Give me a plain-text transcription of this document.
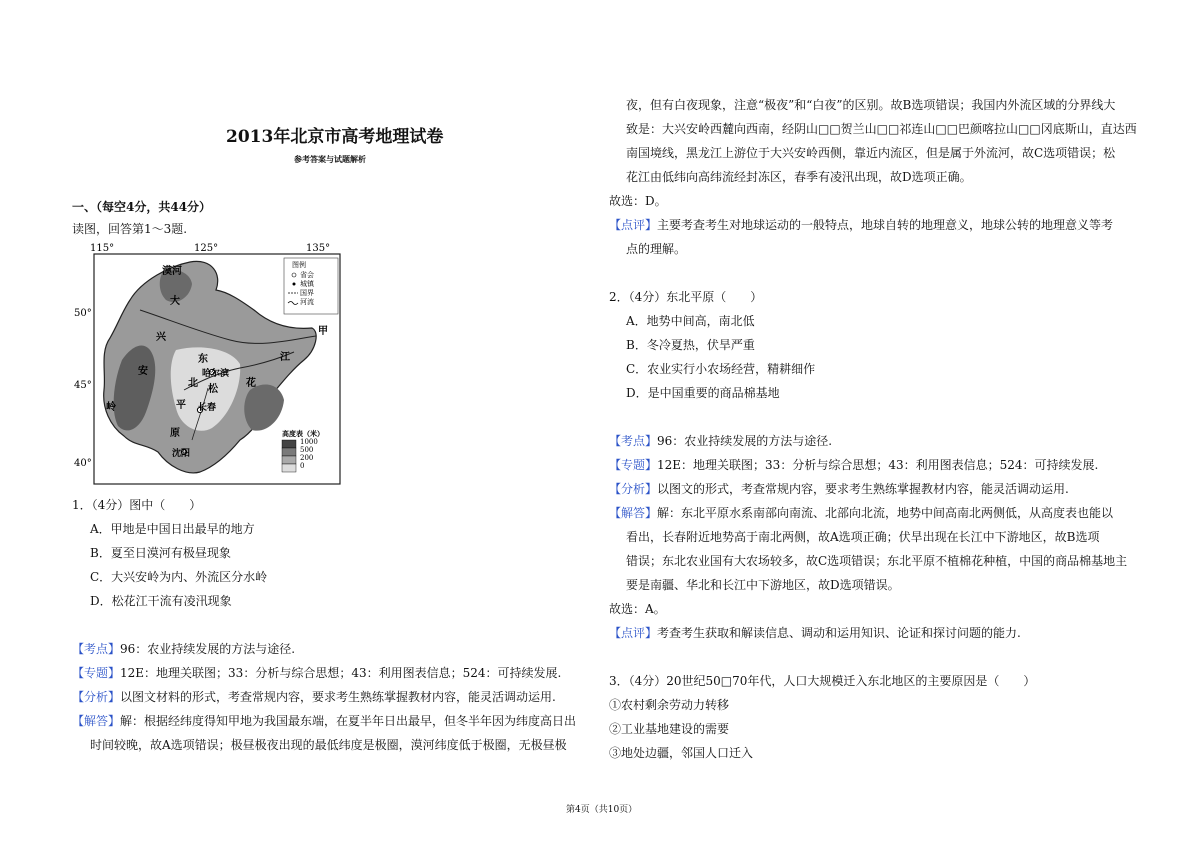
2013年北京市高考地理试卷
参考答案与试题解析
一、（每空4分，共44分）
读图，回答第1～3题.
115°	125°	135°
50°
45°
40°
漠河
大
兴
安
岭
东
北
哈尔滨
松
花
江
平 长春
原
沈阳
甲
图例
省会
城镇
国界
河流
高度表（米）
1000
500
200
0
1．（4分）图中（　　）
A．甲地是中国日出最早的地方
B．夏至日漠河有极昼现象
C．大兴安岭为内、外流区分水岭
D．松花江干流有凌汛现象
【考点】96：农业持续发展的方法与途径.
【专题】12E：地理关联图；33：分析与综合思想；43：利用图表信息；524：可持续发展.
【分析】以图文材料的形式，考查常规内容，要求考生熟练掌握教材内容，能灵活调动运用.
【解答】解：根据经纬度得知甲地为我国最东端，在夏半年日出最早，但冬半年因为纬度高日出
时间较晚，故A选项错误；极昼极夜出现的最低纬度是极圈，漠河纬度低于极圈，无极昼极
夜，但有白夜现象，注意“极夜”和“白夜”的区别。故B选项错误；我国内外流区域的分界线大
致是：大兴安岭西麓向西南，经阴山□□贺兰山□□祁连山□□巴颜喀拉山□□冈底斯山，直达西
南国境线，黑龙江上游位于大兴安岭西侧，靠近内流区，但是属于外流河，故C选项错误；松
花江由低纬向高纬流经封冻区，春季有凌汛出现，故D选项正确。
故选：D。
【点评】主要考查考生对地球运动的一般特点，地球自转的地理意义，地球公转的地理意义等考
点的理解。
2．（4分）东北平原（　　）
A．地势中间高，南北低
B．冬冷夏热，伏旱严重
C．农业实行小农场经营，精耕细作
D．是中国重要的商品棉基地
【考点】96：农业持续发展的方法与途径.
【专题】12E：地理关联图；33：分析与综合思想；43：利用图表信息；524：可持续发展.
【分析】以图文的形式，考查常规内容，要求考生熟练掌握教材内容，能灵活调动运用.
【解答】解：东北平原水系南部向南流、北部向北流，地势中间高南北两侧低，从高度表也能以
看出，长春附近地势高于南北两侧，故A选项正确；伏旱出现在长江中下游地区，故B选项
错误；东北农业国有大农场较多，故C选项错误；东北平原不植棉花种植，中国的商品棉基地主
要是南疆、华北和长江中下游地区，故D选项错误。
故选：A。
【点评】考查考生获取和解读信息、调动和运用知识、论证和探讨问题的能力.
3．（4分）20世纪50□70年代，人口大规模迁入东北地区的主要原因是（　　）
①农村剩余劳动力转移
②工业基地建设的需要
③地处边疆，邻国人口迁入
第4页（共10页）
